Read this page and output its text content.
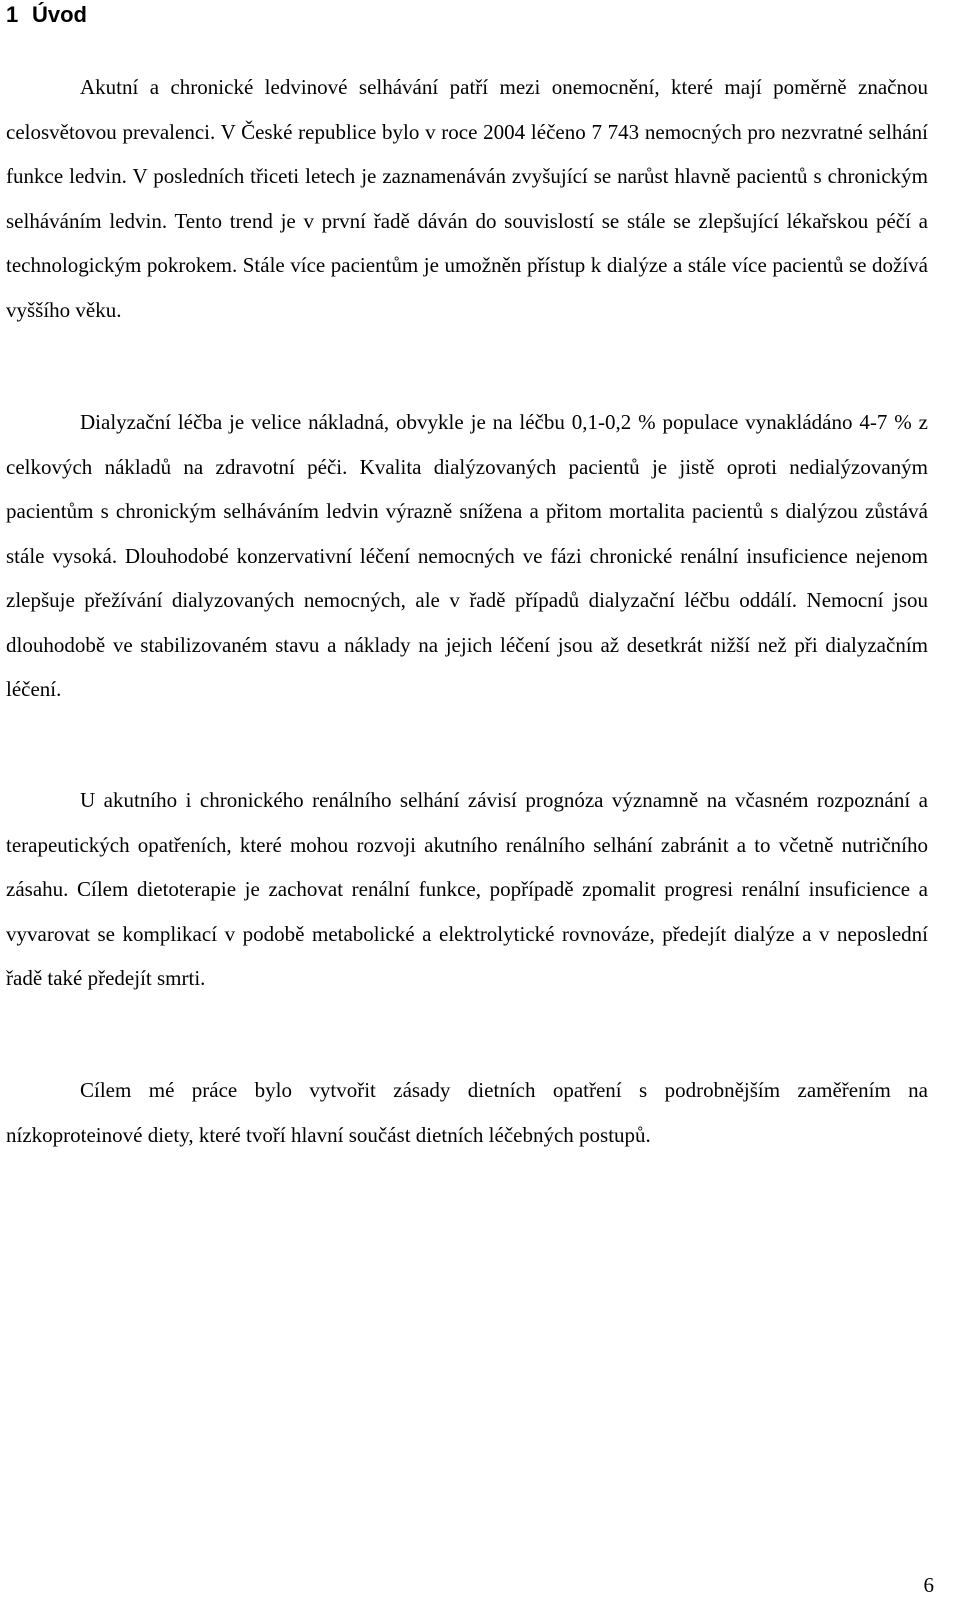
1 Úvod

Akutní a chronické ledvinové selhávání patří mezi onemocnění, které mají poměrně značnou celosvětovou prevalenci. V České republice bylo v roce 2004 léčeno 7 743 nemocných pro nezvratné selhání funkce ledvin. V posledních třiceti letech je zaznamenáván zvyšující se narůst hlavně pacientů s chronickým selháváním ledvin. Tento trend je v první řadě dáván do souvislostí se stále se zlepšující lékařskou péčí a technologickým pokrokem. Stále více pacientům je umožněn přístup k dialýze a stále více pacientů se dožívá vyššího věku.

Dialyzační léčba je velice nákladná, obvykle je na léčbu 0,1-0,2 % populace vynakládáno 4-7 % z celkových nákladů na zdravotní péči. Kvalita dialýzovaných pacientů je jistě oproti nedialýzovaným pacientům s chronickým selháváním ledvin výrazně snížena a přitom mortalita pacientů s dialýzou zůstává stále vysoká. Dlouhodobé konzervativní léčení nemocných ve fázi chronické renální insuficience nejenom zlepšuje přežívání dialyzovaných nemocných, ale v řadě případů dialyzační léčbu oddálí. Nemocní jsou dlouhodobě ve stabilizovaném stavu a náklady na jejich léčení jsou až desetkrát nižší než při dialyzačním léčení.

U akutního i chronického renálního selhání závisí prognóza významně na včasném rozpoznání a terapeutických opatřeních, které mohou rozvoji akutního renálního selhání zabránit a to včetně nutričního zásahu. Cílem dietoterapie je zachovat renální funkce, popřípadě zpomalit progresi renální insuficience a vyvarovat se komplikací v podobě metabolické a elektrolytické rovnováze, předejít dialýze a v neposlední řadě také předejít smrti.

Cílem mé práce bylo vytvořit zásady dietních opatření s podrobnějším zaměřením na nízkoproteinové diety, které tvoří hlavní součást dietních léčebných postupů.

6
